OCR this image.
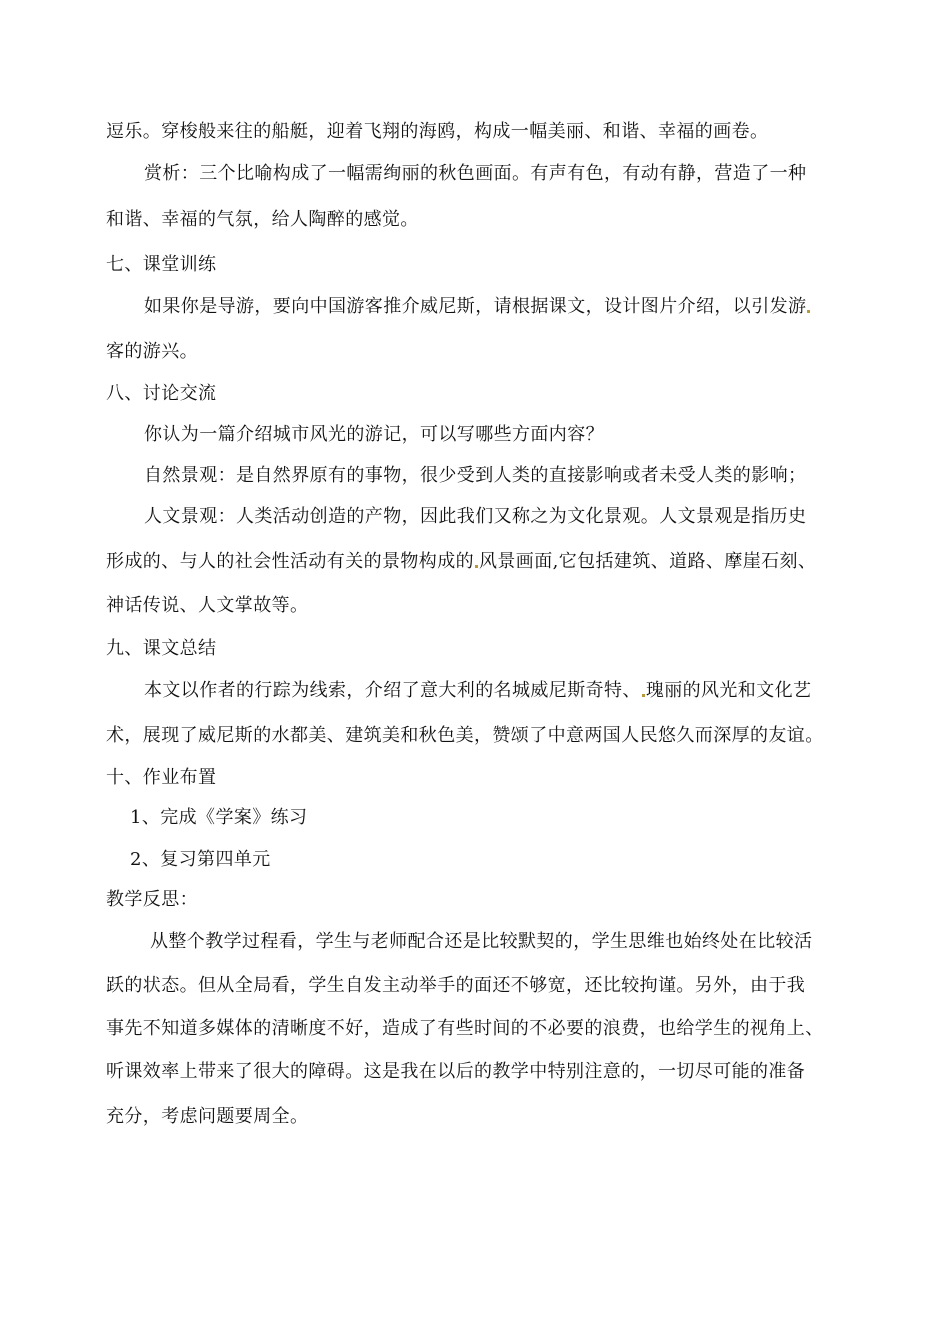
逗乐。穿梭般来往的船艇，迎着飞翔的海鸥，构成一幅美丽、和谐、幸福的画卷。
赏析：三个比喻构成了一幅需绚丽的秋色画面。有声有色，有动有静，营造了一种
和谐、幸福的气氛，给人陶醉的感觉。
七、课堂训练
如果你是导游，要向中国游客推介威尼斯，请根据课文，设计图片介绍，以引发游
客的游兴。
八、讨论交流
你认为一篇介绍城市风光的游记，可以写哪些方面内容？
自然景观：是自然界原有的事物，很少受到人类的直接影响或者未受人类的影响；
人文景观：人类活动创造的产物，因此我们又称之为文化景观。人文景观是指历史
形成的、与人的社会性活动有关的景物构成的 风景画面,它包括建筑、道路、摩崖石刻、
神话传说、人文掌故等。
九、课文总结
本文以作者的行踪为线索，介绍了意大利的名城威尼斯奇特、 瑰丽的风光和文化艺
术，展现了威尼斯的水都美、建筑美和秋色美，赞颂了中意两国人民悠久而深厚的友谊。
十、作业布置
1、完成《学案》练习
2、复习第四单元
教学反思：
从整个教学过程看，学生与老师配合还是比较默契的，学生思维也始终处在比较活
跃的状态。但从全局看，学生自发主动举手的面还不够宽，还比较拘谨。另外，由于我
事先不知道多媒体的清晰度不好，造成了有些时间的不必要的浪费，也给学生的视角上、
听课效率上带来了很大的障碍。这是我在以后的教学中特别注意的，一切尽可能的准备
充分，考虑问题要周全。
